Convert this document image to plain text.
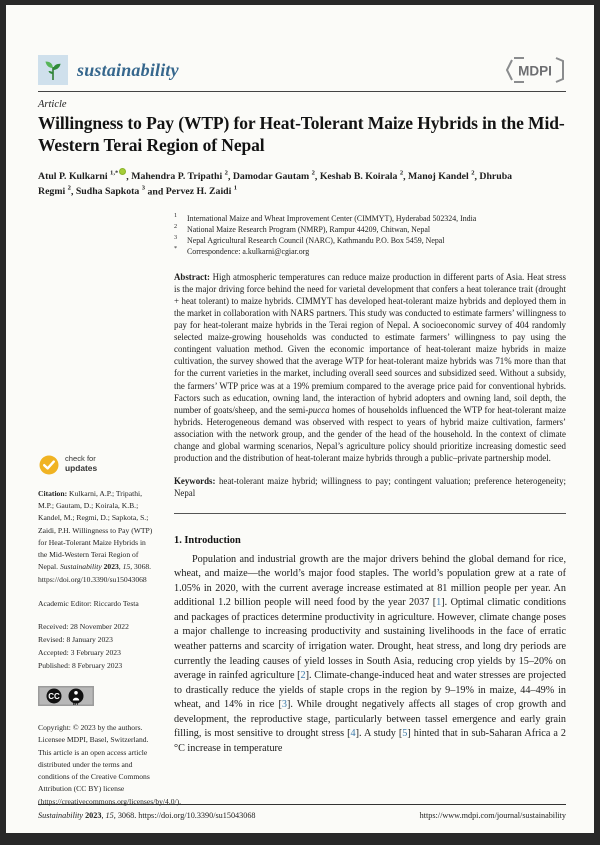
sustainability	MDPI
Article
Willingness to Pay (WTP) for Heat-Tolerant Maize Hybrids in the Mid-Western Terai Region of Nepal

Atul P. Kulkarni $^{1,*}$ , Mahendra P. Tripathi $^2$, Damodar Gautam $^2$, Keshab B. Koirala $^2$, Manoj Kandel $^2$, Dhruba Regmi $^2$, Sudha Sapkota $^3$ and Pervez H. Zaidi $^1$

check for
updates

Citation: Kulkarni, A.P.; Tripathi, M.P.; Gautam, D.; Koirala, K.B.; Kandel, M.; Regmi, D.; Sapkota, S.; Zaidi, P.H. Willingness to Pay (WTP) for Heat-Tolerant Maize Hybrids in the Mid-Western Terai Region of Nepal. Sustainability 2023, 15, 3068. https://doi.org/10.3390/su15043068

Academic Editor: Riccardo Testa

Received: 28 November 2022
Revised: 8 January 2023
Accepted: 3 February 2023
Published: 8 February 2023
CC
BY

Copyright: © 2023 by the authors. Licensee MDPI, Basel, Switzerland. This article is an open access article distributed under the terms and conditions of the Creative Commons Attribution (CC BY) license (https://creativecommons.org/licenses/by/4.0/).

1	International Maize and Wheat Improvement Center (CIMMYT), Hyderabad 502324, India
2	National Maize Research Program (NMRP), Rampur 44209, Chitwan, Nepal
3	Nepal Agricultural Research Council (NARC), Kathmandu P.O. Box 5459, Nepal
*	Correspondence: a.kulkarni@cgiar.org

Abstract: High atmospheric temperatures can reduce maize production in different parts of Asia. Heat stress is the major driving force behind the need for varietal development that confers a heat tolerance trait (drought + heat tolerant) to maize hybrids. CIMMYT has developed heat-tolerant maize hybrids and deployed them in the market in collaboration with NARS partners. This study was conducted to estimate farmers’ willingness to pay for heat-tolerant maize hybrids in the Terai region of Nepal. A socioeconomic survey of 404 randomly selected maize-growing households was conducted to estimate farmers’ willingness to pay using the contingent valuation method. Given the economic importance of heat-tolerant maize hybrids in maize cultivation, the survey showed that the average WTP for heat-tolerant maize hybrids was 71% more than that for the current varieties in the market, including overall seed sources and subsidized seed. Without a subsidy, the farmers’ WTP price was at a 19% premium compared to the average price paid for conventional hybrids. Factors such as education, owning land, the interaction of hybrid adopters and owning land, soil depth, the number of goats/sheep, and the semi-pucca homes of households influenced the WTP for heat-tolerant maize hybrids. Heterogeneous demand was observed with respect to years of hybrid maize cultivation, farmers’ association with the network group, and the gender of the head of the household. In the context of climate change and global warming scenarios, Nepal’s agriculture policy should prioritize increasing domestic seed production and the distribution of heat-tolerant maize hybrids through a public–private partnership model.

Keywords: heat-tolerant maize hybrid; willingness to pay; contingent valuation; preference heterogeneity; Nepal

1. Introduction

Population and industrial growth are the major drivers behind the global demand for rice, wheat, and maize—the world’s major food staples. The world’s population grew at a rate of 1.05% in 2020, with the current average increase estimated at 81 million people per year. An additional 1.2 billion people will need food by the year 2037 [1]. Optimal climatic conditions and packages of practices determine productivity in agriculture. However, climate change poses a major challenge to increasing productivity and sustaining livelihoods in the face of erratic weather patterns and scarcity of irrigation water. Drought, heat stress, and long dry periods are currently the leading causes of yield losses in South Asia, reducing crop yields by 15–20% on average in rainfed agriculture [2]. Climate-change-induced heat and water stresses are projected to drastically reduce the yields of staple crops in the region by 9–19% in maize, 44–49% in wheat, and 14% in rice [3]. While drought negatively affects all stages of crop growth and development, the reproductive stage, particularly between tassel emergence and early grain filling, is most sensitive to drought stress [4]. A study [5] hinted that in sub-Saharan Africa a 2 °C increase in temperature

Sustainability 2023, 15, 3068. https://doi.org/10.3390/su15043068	https://www.mdpi.com/journal/sustainability
